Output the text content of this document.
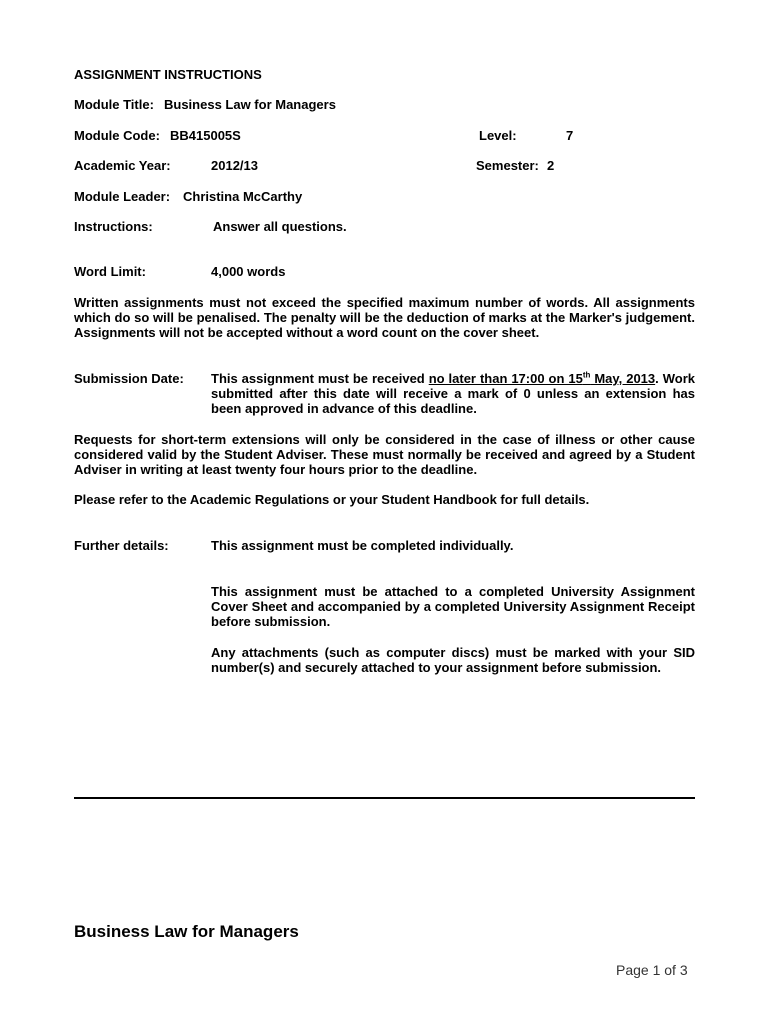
ASSIGNMENT INSTRUCTIONS
Module Title: Business Law for Managers
Module Code: BB415005S	Level:	7
Academic Year:	2012/13	Semester: 2
Module Leader: Christina McCarthy
Instructions:	Answer all questions.
Word Limit:	4,000 words
Written assignments must not exceed the specified maximum number of words. All assignments which do so will be penalised. The penalty will be the deduction of marks at the Marker's judgement. Assignments will not be accepted without a word count on the cover sheet.
Submission Date: This assignment must be received no later than 17:00 on 15th May, 2013. Work submitted after this date will receive a mark of 0 unless an extension has been approved in advance of this deadline.
Requests for short-term extensions will only be considered in the case of illness or other cause considered valid by the Student Adviser. These must normally be received and agreed by a Student Adviser in writing at least twenty four hours prior to the deadline.
Please refer to the Academic Regulations or your Student Handbook for full details.
Further details:	This assignment must be completed individually.
This assignment must be attached to a completed University Assignment Cover Sheet and accompanied by a completed University Assignment Receipt before submission.
Any attachments (such as computer discs) must be marked with your SID number(s) and securely attached to your assignment before submission.
Business Law for Managers
Page 1 of 3
